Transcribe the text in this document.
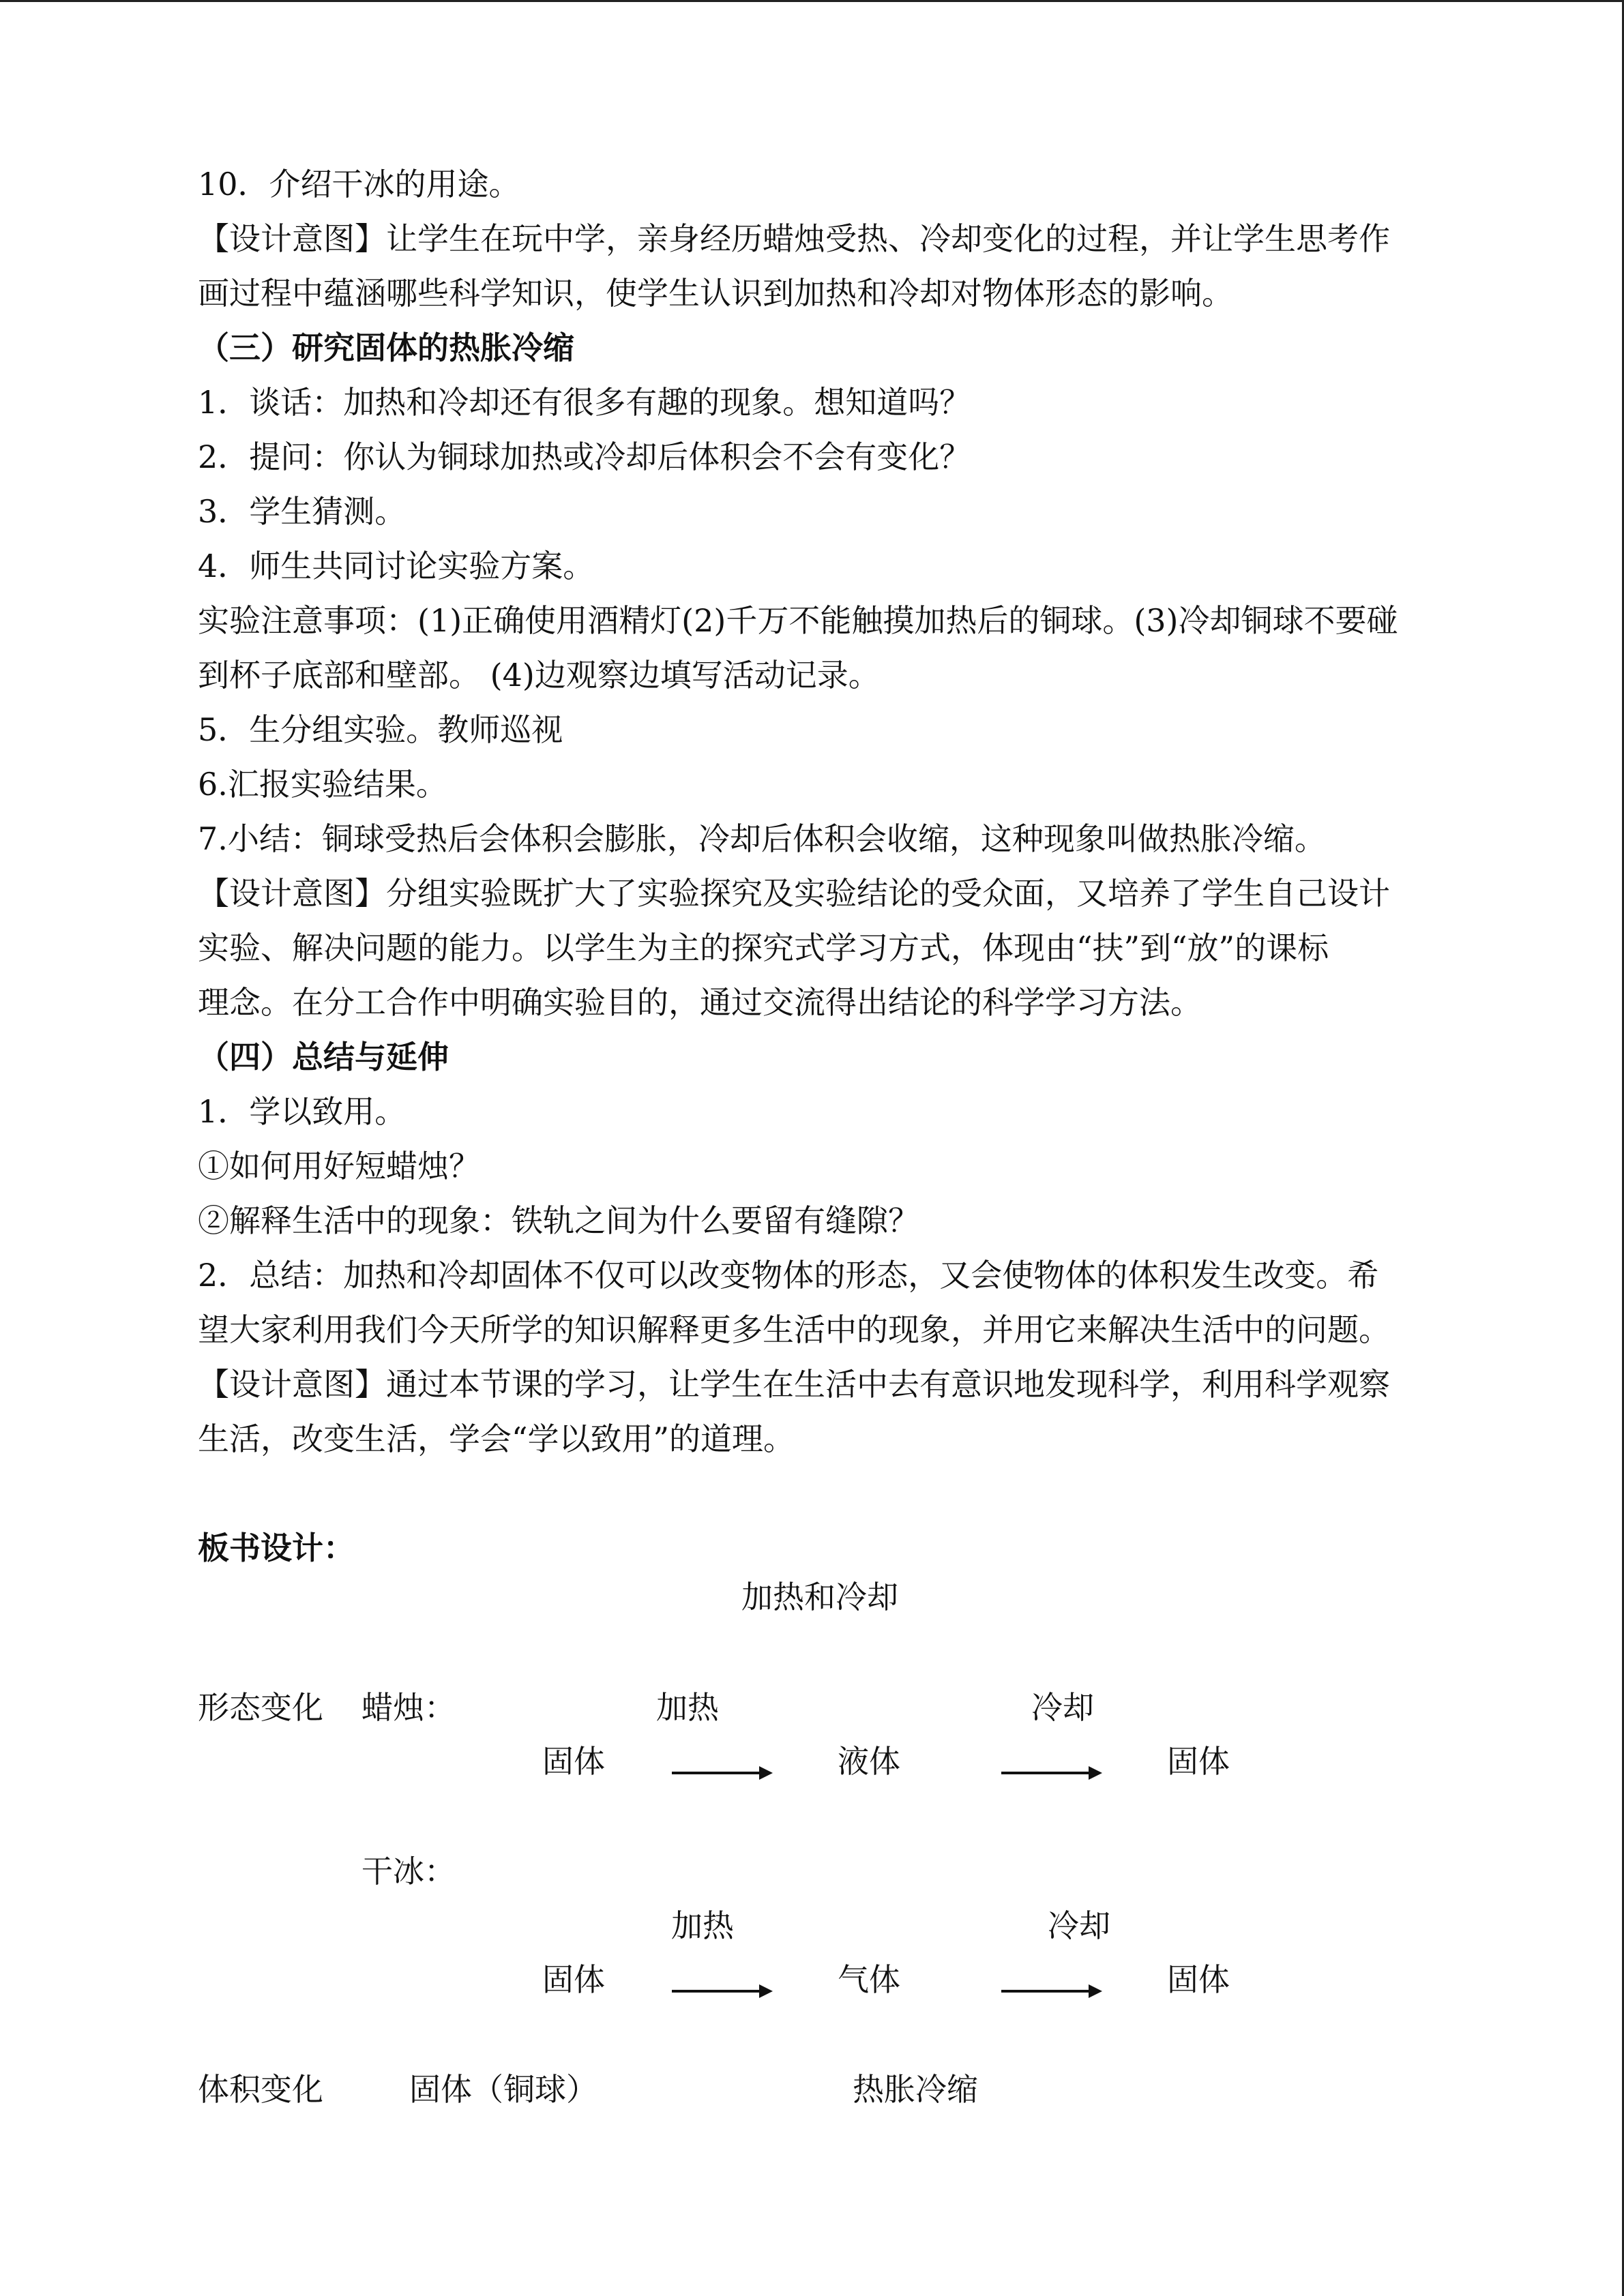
10．介绍干冰的用途。

【设计意图】让学生在玩中学，亲身经历蜡烛受热、冷却变化的过程，并让学生思考作

画过程中蕴涵哪些科学知识，使学生认识到加热和冷却对物体形态的影响。

（三）研究固体的热胀冷缩

1．谈话：加热和冷却还有很多有趣的现象。想知道吗？

2．提问：你认为铜球加热或冷却后体积会不会有变化？

3．学生猜测。

4．师生共同讨论实验方案。

实验注意事项：(1)正确使用酒精灯(2)千万不能触摸加热后的铜球。(3)冷却铜球不要碰

到杯子底部和壁部。 (4)边观察边填写活动记录。

5．生分组实验。教师巡视

6.汇报实验结果。

7.小结：铜球受热后会体积会膨胀，冷却后体积会收缩，这种现象叫做热胀冷缩。

【设计意图】分组实验既扩大了实验探究及实验结论的受众面，又培养了学生自己设计

实验、解决问题的能力。以学生为主的探究式学习方式，体现由“扶”到“放”的课标

理念。在分工合作中明确实验目的，通过交流得出结论的科学学习方法。

（四）总结与延伸

1．学以致用。

①如何用好短蜡烛？

②解释生活中的现象：铁轨之间为什么要留有缝隙？

2．总结：加热和冷却固体不仅可以改变物体的形态，又会使物体的体积发生改变。希

望大家利用我们今天所学的知识解释更多生活中的现象，并用它来解决生活中的问题。

【设计意图】通过本节课的学习，让学生在生活中去有意识地发现科学，利用科学观察

生活，改变生活，学会“学以致用”的道理。

板书设计：

加热和冷却
形态变化 蜡烛：	加热	冷却
固体	液体	固体
干冰：
加热	冷却
固体	气体	固体
体积变化	固体（铜球）	热胀冷缩
